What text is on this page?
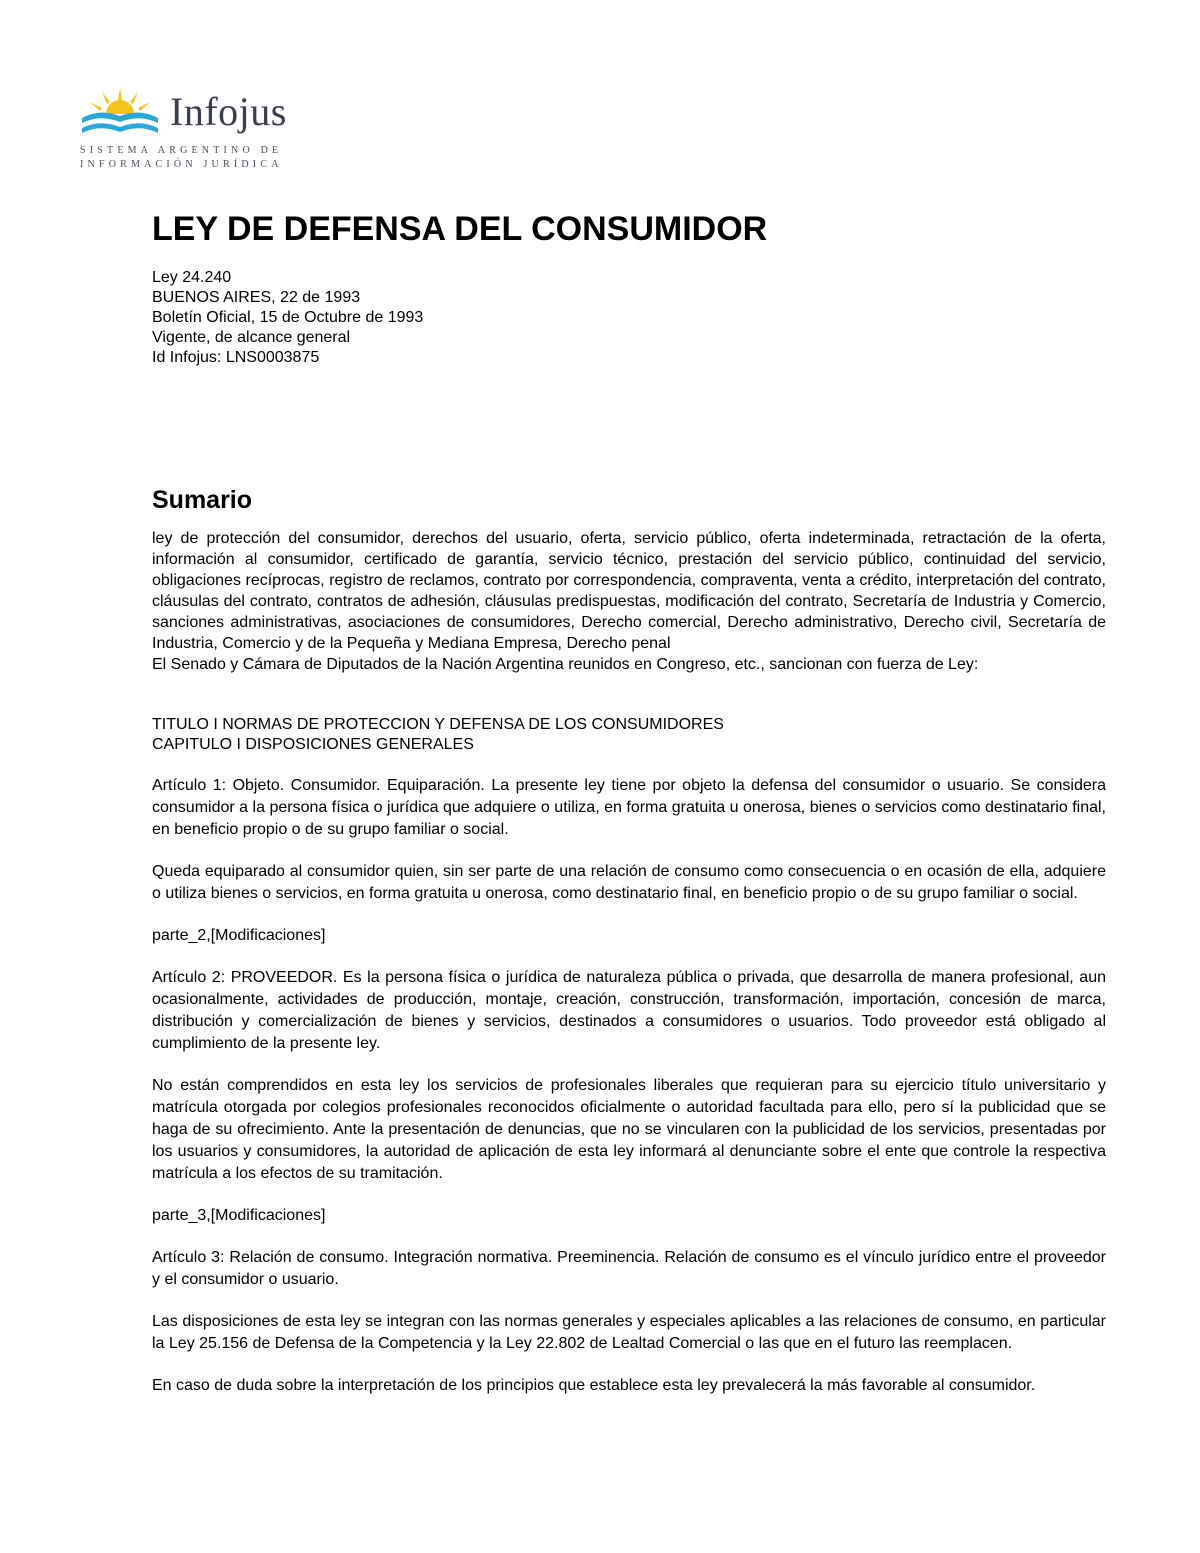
Infojus
SISTEMA ARGENTINO DE
INFORMACIÓN JURÍDICA
LEY DE DEFENSA DEL CONSUMIDOR

Ley 24.240

BUENOS AIRES, 22 de 1993

Boletín Oficial, 15 de Octubre de 1993

Vigente, de alcance general

Id Infojus: LNS0003875

Sumario

ley de protección del consumidor, derechos del usuario, oferta, servicio público, oferta indeterminada, retractación de la oferta, información al consumidor, certificado de garantía, servicio técnico, prestación del servicio público, continuidad del servicio, obligaciones recíprocas, registro de reclamos, contrato por correspondencia, compraventa, venta a crédito, interpretación del contrato, cláusulas del contrato, contratos de adhesión, cláusulas predispuestas, modificación del contrato, Secretaría de Industria y Comercio, sanciones administrativas, asociaciones de consumidores, Derecho comercial, Derecho administrativo, Derecho civil, Secretaría de Industria, Comercio y de la Pequeña y Mediana Empresa, Derecho penal

El Senado y Cámara de Diputados de la Nación Argentina reunidos en Congreso, etc., sancionan con fuerza de Ley:

TITULO I NORMAS DE PROTECCION Y DEFENSA DE LOS CONSUMIDORES

CAPITULO I DISPOSICIONES GENERALES

Artículo 1: Objeto. Consumidor. Equiparación. La presente ley tiene por objeto la defensa del consumidor o usuario. Se considera consumidor a la persona física o jurídica que adquiere o utiliza, en forma gratuita u onerosa, bienes o servicios como destinatario final, en beneficio propio o de su grupo familiar o social.

Queda equiparado al consumidor quien, sin ser parte de una relación de consumo como consecuencia o en ocasión de ella, adquiere o utiliza bienes o servicios, en forma gratuita u onerosa, como destinatario final, en beneficio propio o de su grupo familiar o social.

parte_2,[Modificaciones]

Artículo 2: PROVEEDOR. Es la persona física o jurídica de naturaleza pública o privada, que desarrolla de manera profesional, aun ocasionalmente, actividades de producción, montaje, creación, construcción, transformación, importación, concesión de marca, distribución y comercialización de bienes y servicios, destinados a consumidores o usuarios. Todo proveedor está obligado al cumplimiento de la presente ley.

No están comprendidos en esta ley los servicios de profesionales liberales que requieran para su ejercicio título universitario y matrícula otorgada por colegios profesionales reconocidos oficialmente o autoridad facultada para ello, pero sí la publicidad que se haga de su ofrecimiento. Ante la presentación de denuncias, que no se vincularen con la publicidad de los servicios, presentadas por los usuarios y consumidores, la autoridad de aplicación de esta ley informará al denunciante sobre el ente que controle la respectiva matrícula a los efectos de su tramitación.

parte_3,[Modificaciones]

Artículo 3: Relación de consumo. Integración normativa. Preeminencia. Relación de consumo es el vínculo jurídico entre el proveedor y el consumidor o usuario.

Las disposiciones de esta ley se integran con las normas generales y especiales aplicables a las relaciones de consumo, en particular la Ley 25.156 de Defensa de la Competencia y la Ley 22.802 de Lealtad Comercial o las que en el futuro las reemplacen.

En caso de duda sobre la interpretación de los principios que establece esta ley prevalecerá la más favorable al consumidor.
